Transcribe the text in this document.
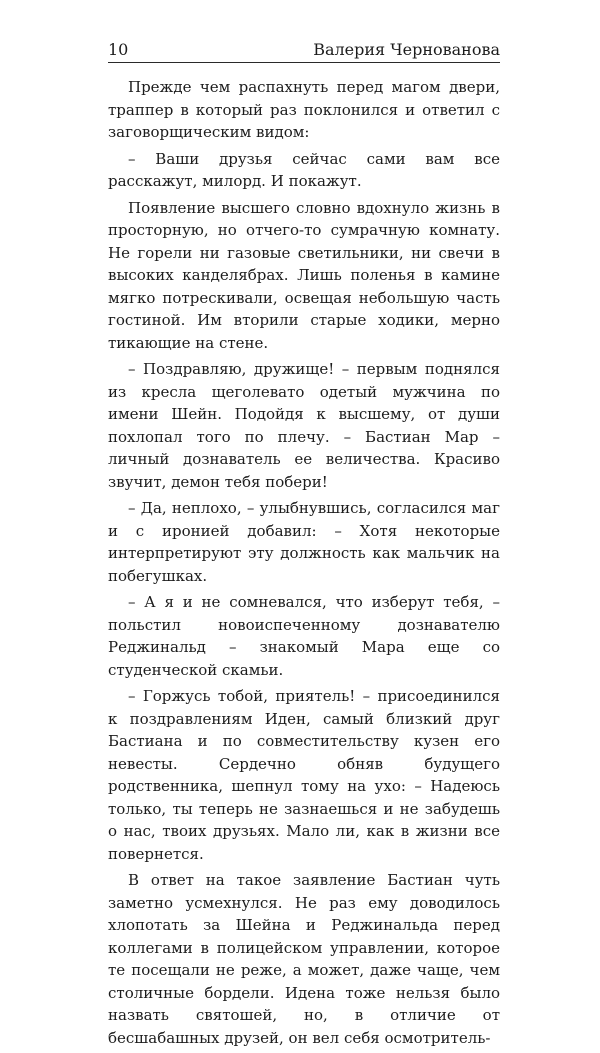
10	Валерия Чернованова

Прежде чем распахнуть перед магом двери, траппер в который раз поклонился и ответил с заговорщическим видом:

– Ваши друзья сейчас сами вам все расскажут, милорд. И покажут.

Появление высшего словно вдохнуло жизнь в просторную, но отчего-то сумрачную комнату. Не горели ни газовые светильники, ни свечи в высоких канделябрах. Лишь поленья в камине мягко потрескивали, освещая небольшую часть гостиной. Им вторили старые ходики, мерно тикающие на стене.

– Поздравляю, дружище! – первым поднялся из кресла щеголевато одетый мужчина по имени Шейн. Подойдя к высшему, от души похлопал того по плечу. – Бастиан Мар – личный дознаватель ее величества. Красиво звучит, демон тебя побери!

– Да, неплохо, – улыбнувшись, согласился маг и с иронией добавил: – Хотя некоторые интерпретируют эту должность как мальчик на побегушках.

– А я и не сомневался, что изберут тебя, – польстил новоиспеченному дознавателю Реджинальд – знакомый Мара еще со студенческой скамьи.

– Горжусь тобой, приятель! – присоединился к поздравлениям Иден, самый близкий друг Бастиана и по совместительству кузен его невесты. Сердечно обняв будущего родственника, шепнул тому на ухо: – Надеюсь только, ты теперь не зазнаешься и не забудешь о нас, твоих друзьях. Мало ли, как в жизни все повернется.

В ответ на такое заявление Бастиан чуть заметно усмехнулся. Не раз ему доводилось хлопотать за Шейна и Реджинальда перед коллегами в полицейском управлении, которое те посещали не реже, а может, даже чаще, чем столичные бордели. Идена тоже нельзя было назвать святошей, но, в отличие от бесшабашных друзей, он вел себя осмотритель-
